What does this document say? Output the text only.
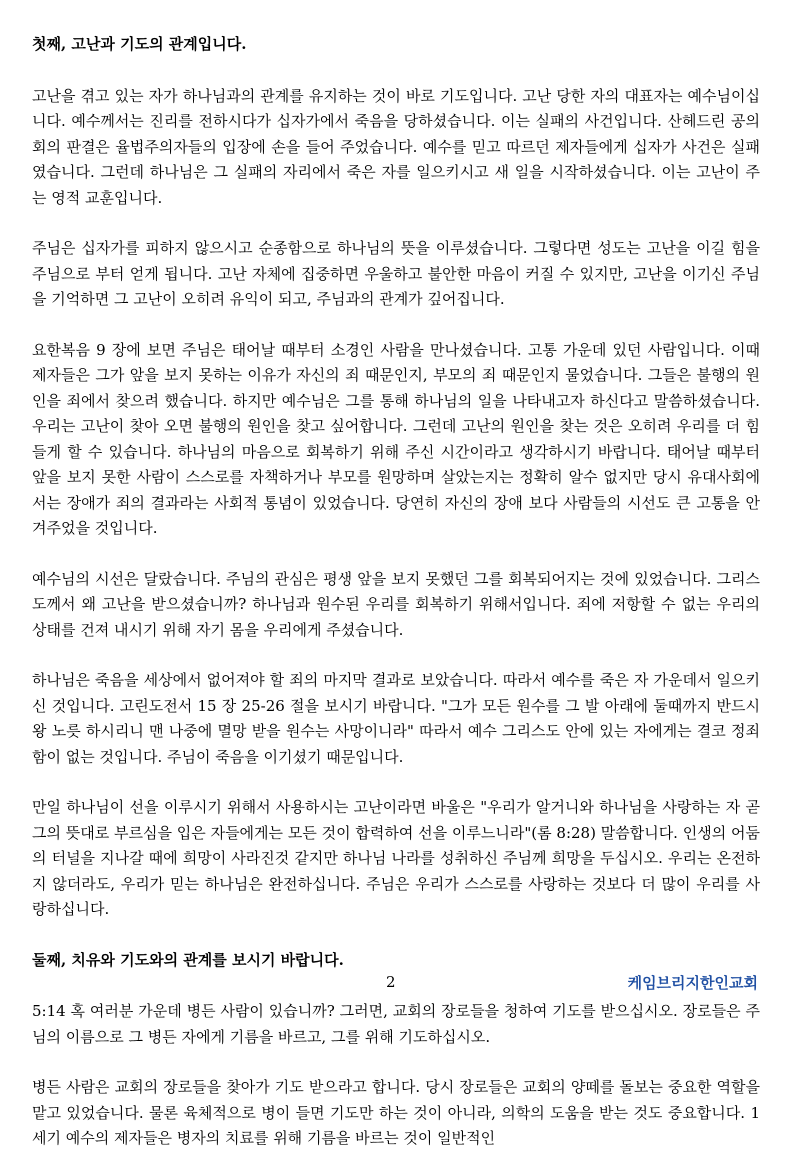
첫째, 고난과 기도의 관계입니다.

고난을 겪고 있는 자가 하나님과의 관계를 유지하는 것이 바로 기도입니다. 고난 당한 자의 대표자는 예수님이십니다. 예수께서는 진리를 전하시다가 십자가에서 죽음을 당하셨습니다. 이는 실패의 사건입니다. 산헤드린 공의회의 판결은 율법주의자들의 입장에 손을 들어 주었습니다. 예수를 믿고 따르던 제자들에게 십자가 사건은 실패였습니다. 그런데 하나님은 그 실패의 자리에서 죽은 자를 일으키시고 새 일을 시작하셨습니다. 이는 고난이 주는 영적 교훈입니다.

주님은 십자가를 피하지 않으시고 순종함으로 하나님의 뜻을 이루셨습니다. 그렇다면 성도는 고난을 이길 힘을 주님으로 부터 얻게 됩니다. 고난 자체에 집중하면 우울하고 불안한 마음이 커질 수 있지만, 고난을 이기신 주님을 기억하면 그 고난이 오히려 유익이 되고, 주님과의 관계가 깊어집니다.

요한복음 9 장에 보면 주님은 태어날 때부터 소경인 사람을 만나셨습니다. 고통 가운데 있던 사람입니다. 이때 제자들은 그가 앞을 보지 못하는 이유가 자신의 죄 때문인지, 부모의 죄 때문인지 물었습니다. 그들은 불행의 원인을 죄에서 찾으려 했습니다. 하지만 예수님은 그를 통해 하나님의 일을 나타내고자 하신다고 말씀하셨습니다. 우리는 고난이 찾아 오면 불행의 원인을 찾고 싶어합니다. 그런데 고난의 원인을 찾는 것은 오히려 우리를 더 힘들게 할 수 있습니다. 하나님의 마음으로 회복하기 위해 주신 시간이라고 생각하시기 바랍니다. 태어날 때부터 앞을 보지 못한 사람이 스스로를 자책하거나 부모를 원망하며 살았는지는 정확히 알수 없지만 당시 유대사회에서는 장애가 죄의 결과라는 사회적 통념이 있었습니다. 당연히 자신의 장애 보다 사람들의 시선도 큰 고통을 안겨주었을 것입니다.

예수님의 시선은 달랐습니다. 주님의 관심은 평생 앞을 보지 못했던 그를 회복되어지는 것에 있었습니다. 그리스도께서 왜 고난을 받으셨습니까? 하나님과 원수된 우리를 회복하기 위해서입니다. 죄에 저항할 수 없는 우리의 상태를 건져 내시기 위해 자기 몸을 우리에게 주셨습니다.

하나님은 죽음을 세상에서 없어져야 할 죄의 마지막 결과로 보았습니다. 따라서 예수를 죽은 자 가운데서 일으키신 것입니다. 고린도전서 15 장 25-26 절을 보시기 바랍니다. "그가 모든 원수를 그 발 아래에 둘때까지 반드시 왕 노릇 하시리니 맨 나중에 멸망 받을 원수는 사망이니라" 따라서 예수 그리스도 안에 있는 자에게는 결코 정죄함이 없는 것입니다. 주님이 죽음을 이기셨기 때문입니다.

만일 하나님이 선을 이루시기 위해서 사용하시는 고난이라면 바울은 "우리가 알거니와 하나님을 사랑하는 자 곧 그의 뜻대로 부르심을 입은 자들에게는 모든 것이 합력하여 선을 이루느니라"(롬 8:28) 말씀합니다. 인생의 어둠의 터널을 지나갈 때에 희망이 사라진것 같지만 하나님 나라를 성취하신 주님께 희망을 두십시오. 우리는 온전하지 않더라도, 우리가 믿는 하나님은 완전하십니다. 주님은 우리가 스스로를 사랑하는 것보다 더 많이 우리를 사랑하십니다.

둘째, 치유와 기도와의 관계를 보시기 바랍니다.

5:14 혹 여러분 가운데 병든 사람이 있습니까? 그러면, 교회의 장로들을 청하여 기도를 받으십시오. 장로들은 주님의 이름으로 그 병든 자에게 기름을 바르고, 그를 위해 기도하십시오.

병든 사람은 교회의 장로들을 찾아가 기도 받으라고 합니다. 당시 장로들은 교회의 양떼를 돌보는 중요한 역할을 맡고 있었습니다. 물론 육체적으로 병이 들면 기도만 하는 것이 아니라, 의학의 도움을 받는 것도 중요합니다. 1 세기 예수의 제자들은 병자의 치료를 위해 기름을 바르는 것이 일반적인

2	케임브리지한인교회
